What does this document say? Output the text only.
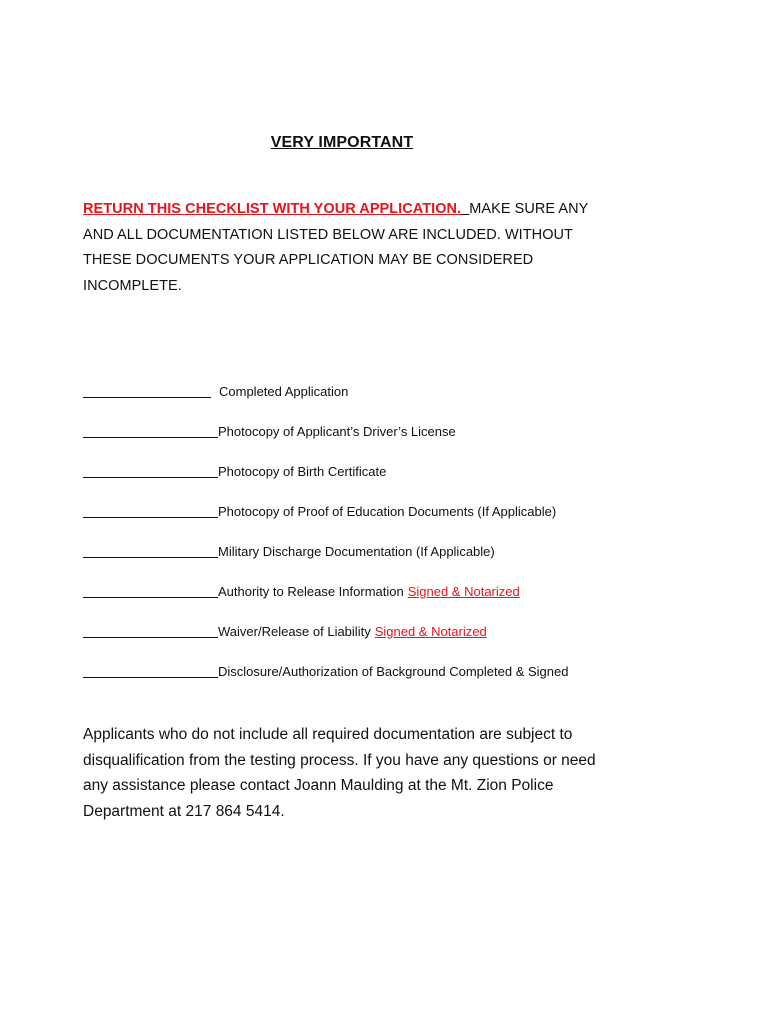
VERY IMPORTANT
RETURN THIS CHECKLIST WITH YOUR APPLICATION. MAKE SURE ANY AND ALL DOCUMENTATION LISTED BELOW ARE INCLUDED. WITHOUT THESE DOCUMENTS YOUR APPLICATION MAY BE CONSIDERED INCOMPLETE.
Completed Application
Photocopy of Applicant’s Driver’s License
Photocopy of Birth Certificate
Photocopy of Proof of Education Documents (If Applicable)
Military Discharge Documentation (If Applicable)
Authority to Release Information Signed & Notarized
Waiver/Release of Liability Signed & Notarized
Disclosure/Authorization of Background Completed & Signed
Applicants who do not include all required documentation are subject to disqualification from the testing process. If you have any questions or need any assistance please contact Joann Maulding at the Mt. Zion Police Department at 217 864 5414.
